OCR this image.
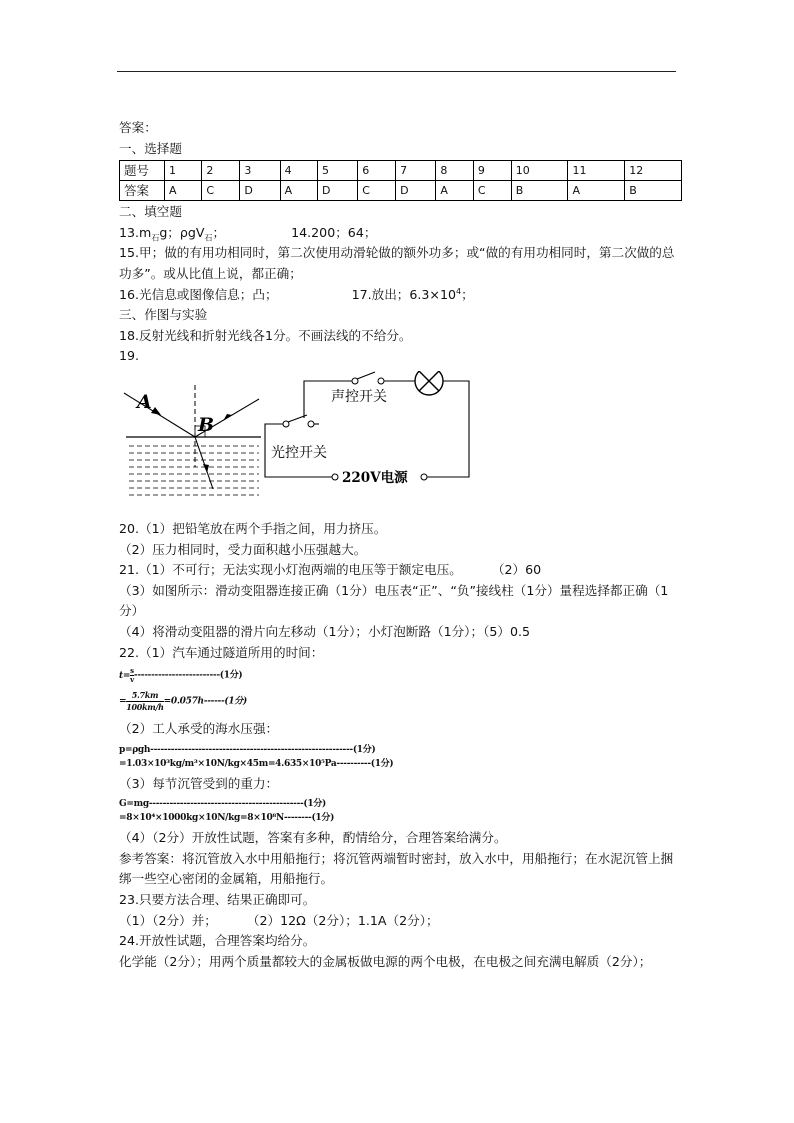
答案：
一、选择题
题号	1	2	3	4	5	6	7	8	9	10	11	12
答案	A	C	D	A	D	C	D	A	C	B	A	B
二、填空题
$13.m_石g$；ρgV$_石$；	14.200；64；
15.甲；做的有用功相同时，第二次使用动滑轮做的额外功多；或“做的有用功相同时，第二次做的总功多”。或从比值上说，都正确；
16.光信息或图像信息；凸；	17.放出；$6.3\times 10^4$；
三、作图与实验
18.反射光线和折射光线各1分。不画法线的不给分。
19.
A
B
声控开关
光控开关
220V电源
20.（1）把铅笔放在两个手指之间，用力挤压。
（2）压力相同时，受力面积越小压强越大。
21.（1）不可行；无法实现小灯泡两端的电压等于额定电压。 （2）60
（3）如图所示：滑动变阻器连接正确（1分）电压表“正”、“负”接线柱（1分）量程选择都正确（1分）
（4）将滑动变阻器的滑片向左移动（1分）；小灯泡断路（1分）；（5）0.5
22.（1）汽车通过隧道所用的时间：
$t= \frac{s}{v} -------------------------(1$分)
= $\frac{5.7km}{100km/h} =0.057h------(1$分)
（2）工人承受的海水压强：
p=ρgh-----------------------------------------------------------(1分)
=1.03×10³kg/m³×10N/kg×45m=4.635×10⁵Pa----------(1分)
（3）每节沉管受到的重力：
G=mg---------------------------------------------(1分)
=8×10⁴×1000kg×10N/kg=8×10⁸N--------(1分)
（4）（2分）开放性试题，答案有多种，酌情给分，合理答案给满分。
参考答案：将沉管放入水中用船拖行；将沉管两端暂时密封，放入水中，用船拖行；在水泥沉管上捆绑一些空心密闭的金属箱，用船拖行。
23.只要方法合理、结果正确即可。
（1）（2分）并； （2）12Ω（2分）；1.1A（2分）；
24.开放性试题，合理答案均给分。
化学能（2分）；用两个质量都较大的金属板做电源的两个电极，在电极之间充满电解质（2分）；
